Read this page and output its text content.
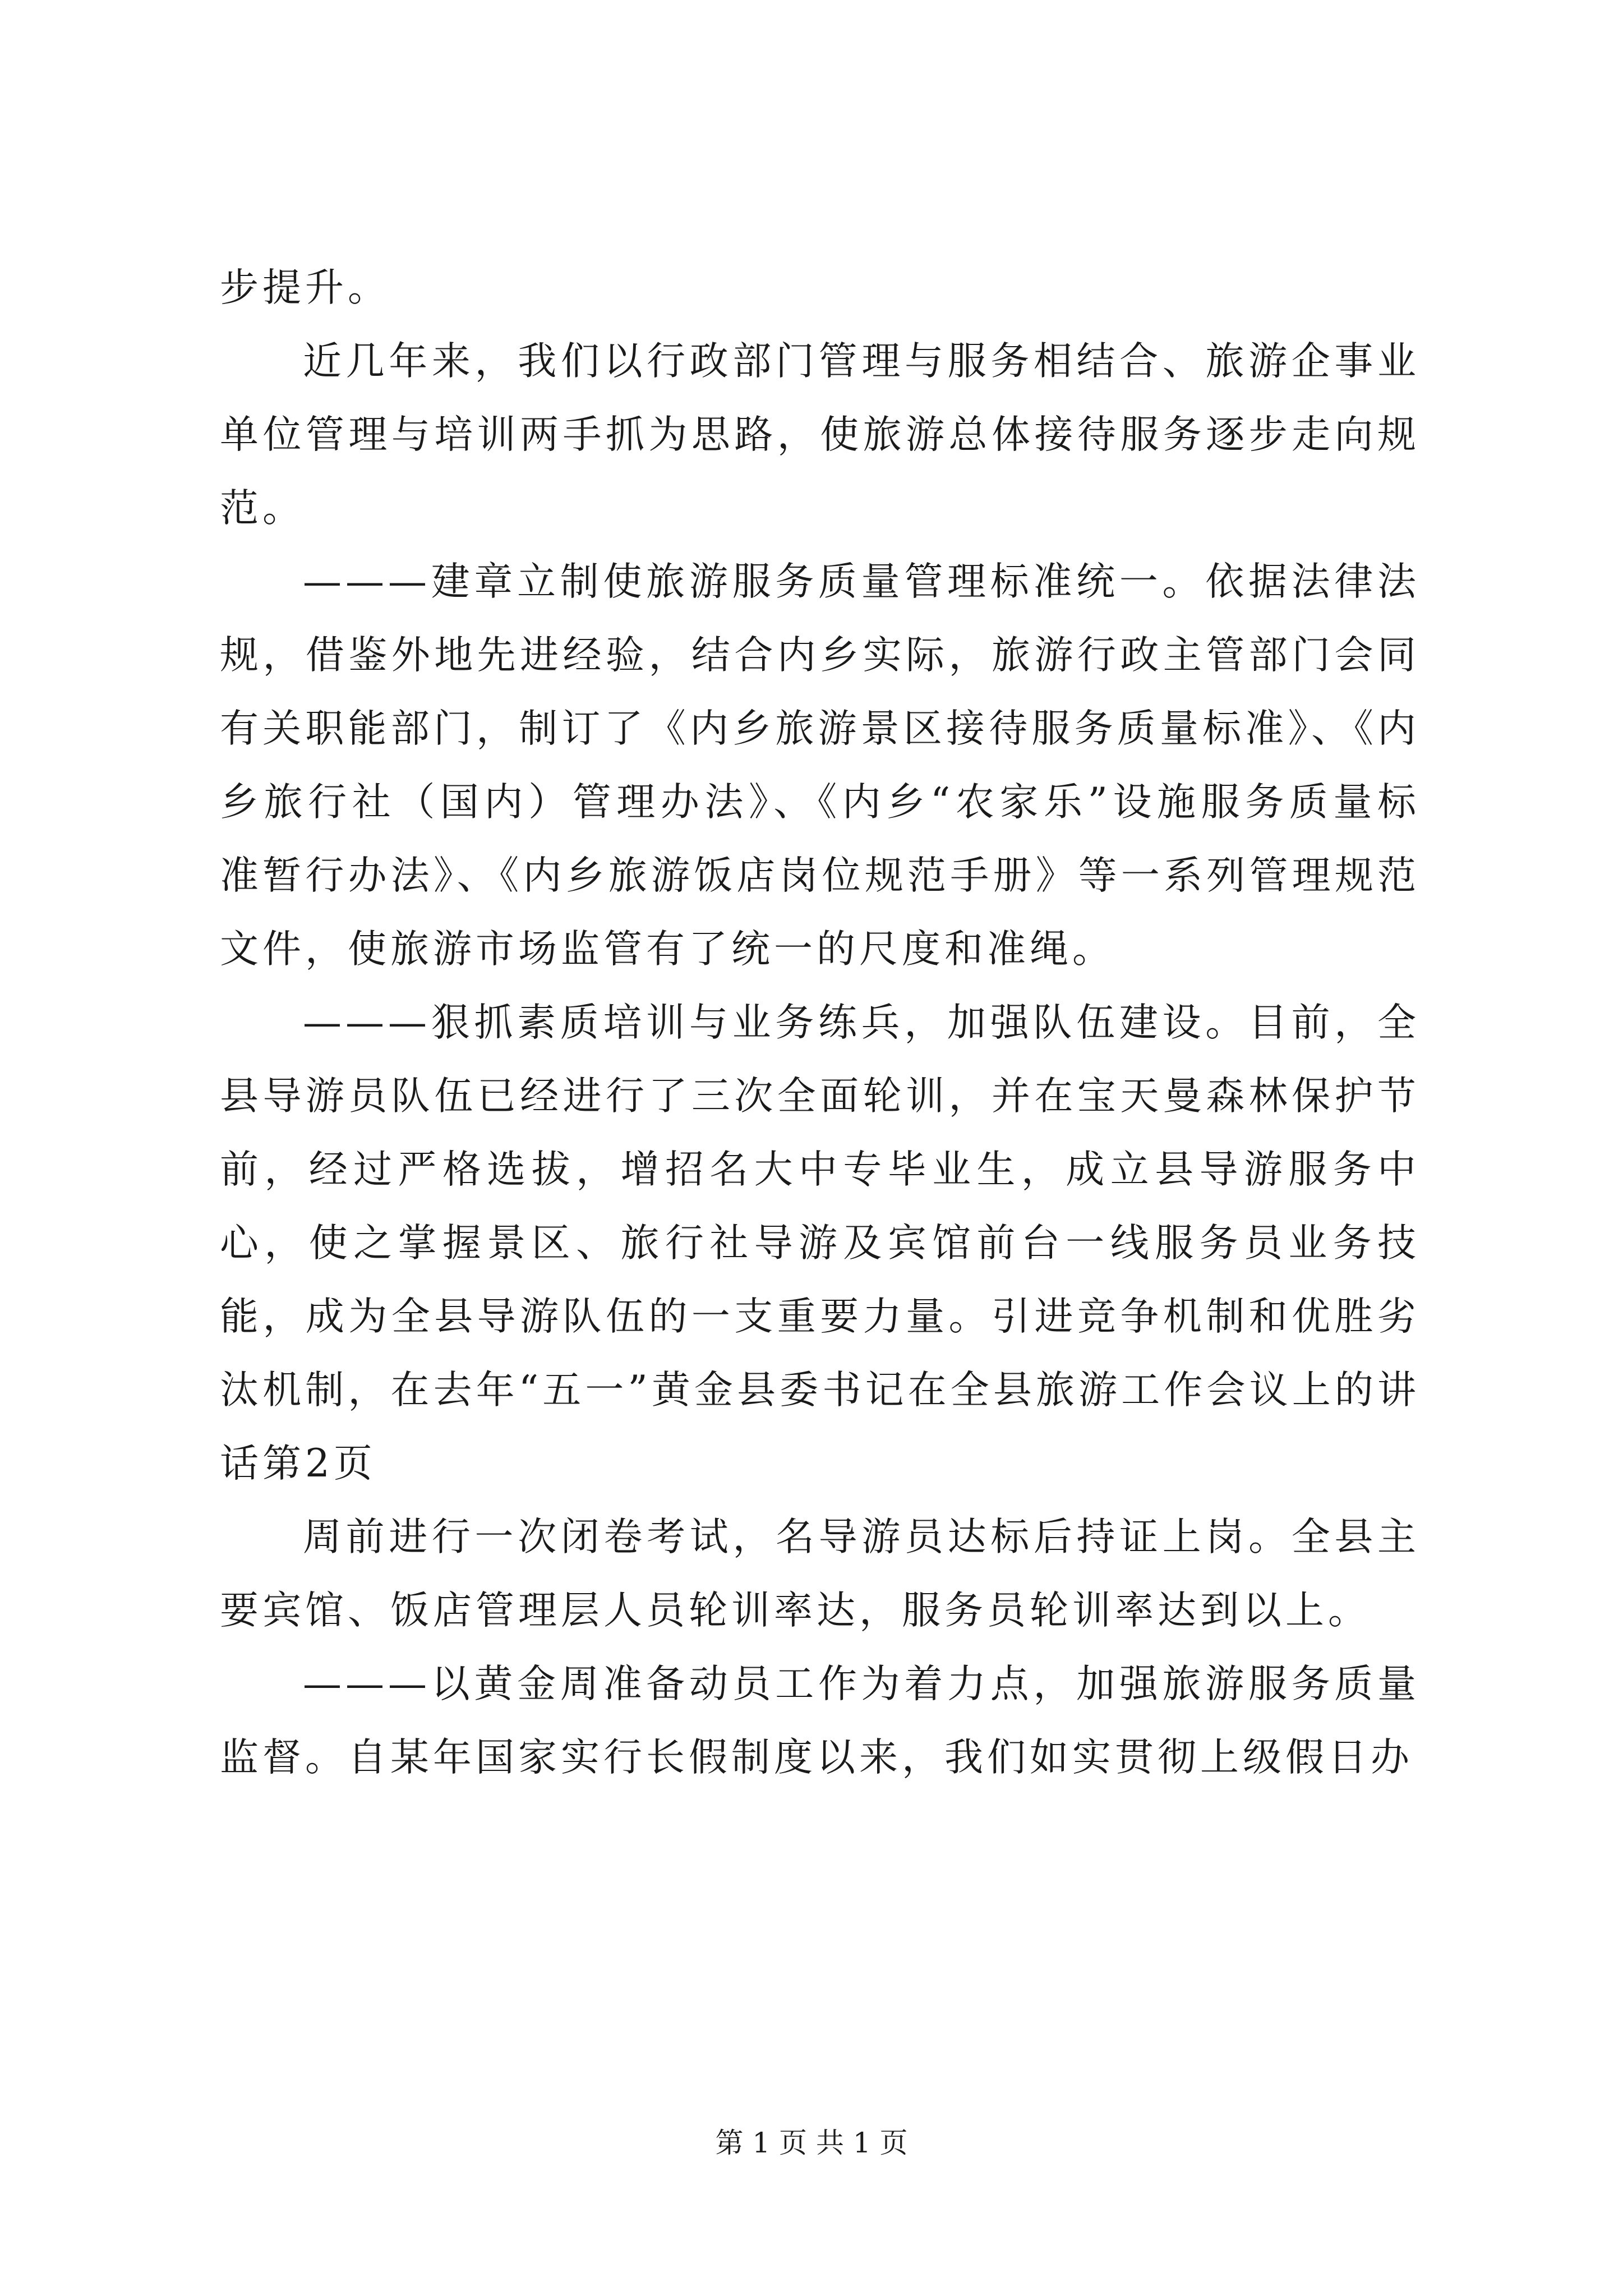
步提升。

近几年来，我们以行政部门管理与服务相结合、旅游企事业单位管理与培训两手抓为思路，使旅游总体接待服务逐步走向规范。

———建章立制使旅游服务质量管理标准统一。依据法律法规，借鉴外地先进经验，结合内乡实际，旅游行政主管部门会同有关职能部门，制订了《内乡旅游景区接待服务质量标准》、《内乡旅行社（国内）管理办法》、《内乡“农家乐”设施服务质量标准暂行办法》、《内乡旅游饭店岗位规范手册》等一系列管理规范文件，使旅游市场监管有了统一的尺度和准绳。

———狠抓素质培训与业务练兵，加强队伍建设。目前，全县导游员队伍已经进行了三次全面轮训，并在宝天曼森林保护节前，经过严格选拔，增招名大中专毕业生，成立县导游服务中心，使之掌握景区、旅行社导游及宾馆前台一线服务员业务技能，成为全县导游队伍的一支重要力量。引进竞争机制和优胜劣汰机制，在去年“五一”黄金县委书记在全县旅游工作会议上的讲话第2页

周前进行一次闭卷考试，名导游员达标后持证上岗。全县主要宾馆、饭店管理层人员轮训率达，服务员轮训率达到以上。

———以黄金周准备动员工作为着力点，加强旅游服务质量监督。自某年国家实行长假制度以来，我们如实贯彻上级假日办

第 1 页 共 1 页
